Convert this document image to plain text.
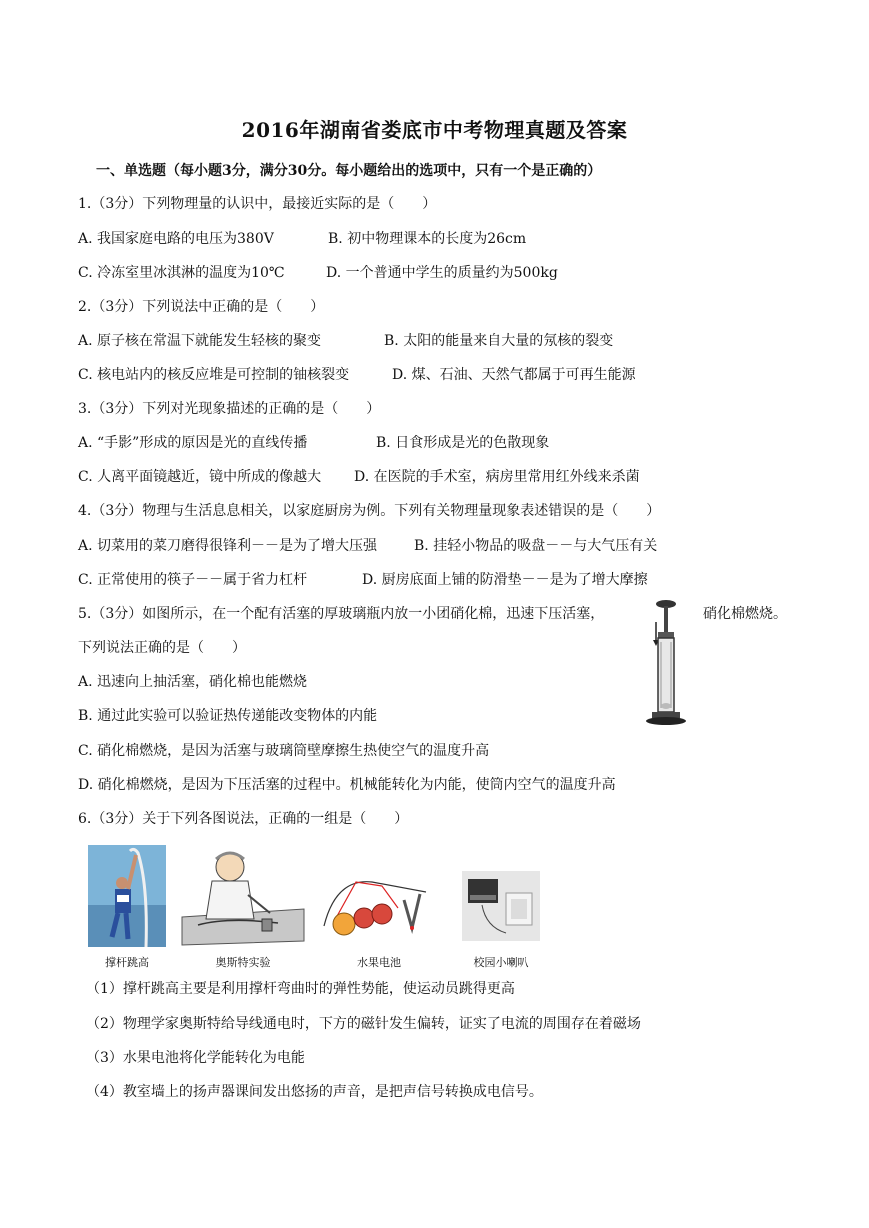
2016年湖南省娄底市中考物理真题及答案
一、单选题（每小题3分，满分30分。每小题给出的选项中，只有一个是正确的）
1.（3分）下列物理量的认识中，最接近实际的是（　　）
A. 我国家庭电路的电压为380V	B. 初中物理课本的长度为26cm
C. 冷冻室里冰淇淋的温度为10℃	D. 一个普通中学生的质量约为500kg
2.（3分）下列说法中正确的是（　　）
A. 原子核在常温下就能发生轻核的聚变	B. 太阳的能量来自大量的氖核的裂变
C. 核电站内的核反应堆是可控制的铀核裂变	D. 煤、石油、天然气都属于可再生能源
3.（3分）下列对光现象描述的正确的是（　　）
A. “手影”形成的原因是光的直线传播	B. 日食形成是光的色散现象
C. 人离平面镜越近，镜中所成的像越大 D. 在医院的手术室，病房里常用红外线来杀菌
4.（3分）物理与生活息息相关，以家庭厨房为例。下列有关物理量现象表述错误的是（　　）
A. 切菜用的菜刀磨得很锋利－－是为了增大压强	B. 挂轻小物品的吸盘－－与大气压有关
C. 正常使用的筷子－－属于省力杠杆	D. 厨房底面上铺的防滑垫－－是为了增大摩擦
5.（3分）如图所示，在一个配有活塞的厚玻璃瓶内放一小团硝化棉，迅速下压活塞，	硝化棉燃烧。
下列说法正确的是（　　）
A. 迅速向上抽活塞，硝化棉也能燃烧
B. 通过此实验可以验证热传递能改变物体的内能
C. 硝化棉燃烧，是因为活塞与玻璃筒壁摩擦生热使空气的温度升高
D. 硝化棉燃烧，是因为下压活塞的过程中。机械能转化为内能，使筒内空气的温度升高
6.（3分）关于下列各图说法，正确的一组是（　　）
撑杆跳高	奥斯特实验	水果电池	校园小喇叭
（1）撑杆跳高主要是利用撑杆弯曲时的弹性势能，使运动员跳得更高
（2）物理学家奥斯特给导线通电时，下方的磁针发生偏转，证实了电流的周围存在着磁场
（3）水果电池将化学能转化为电能
（4）教室墙上的扬声器课间发出悠扬的声音，是把声信号转换成电信号。
